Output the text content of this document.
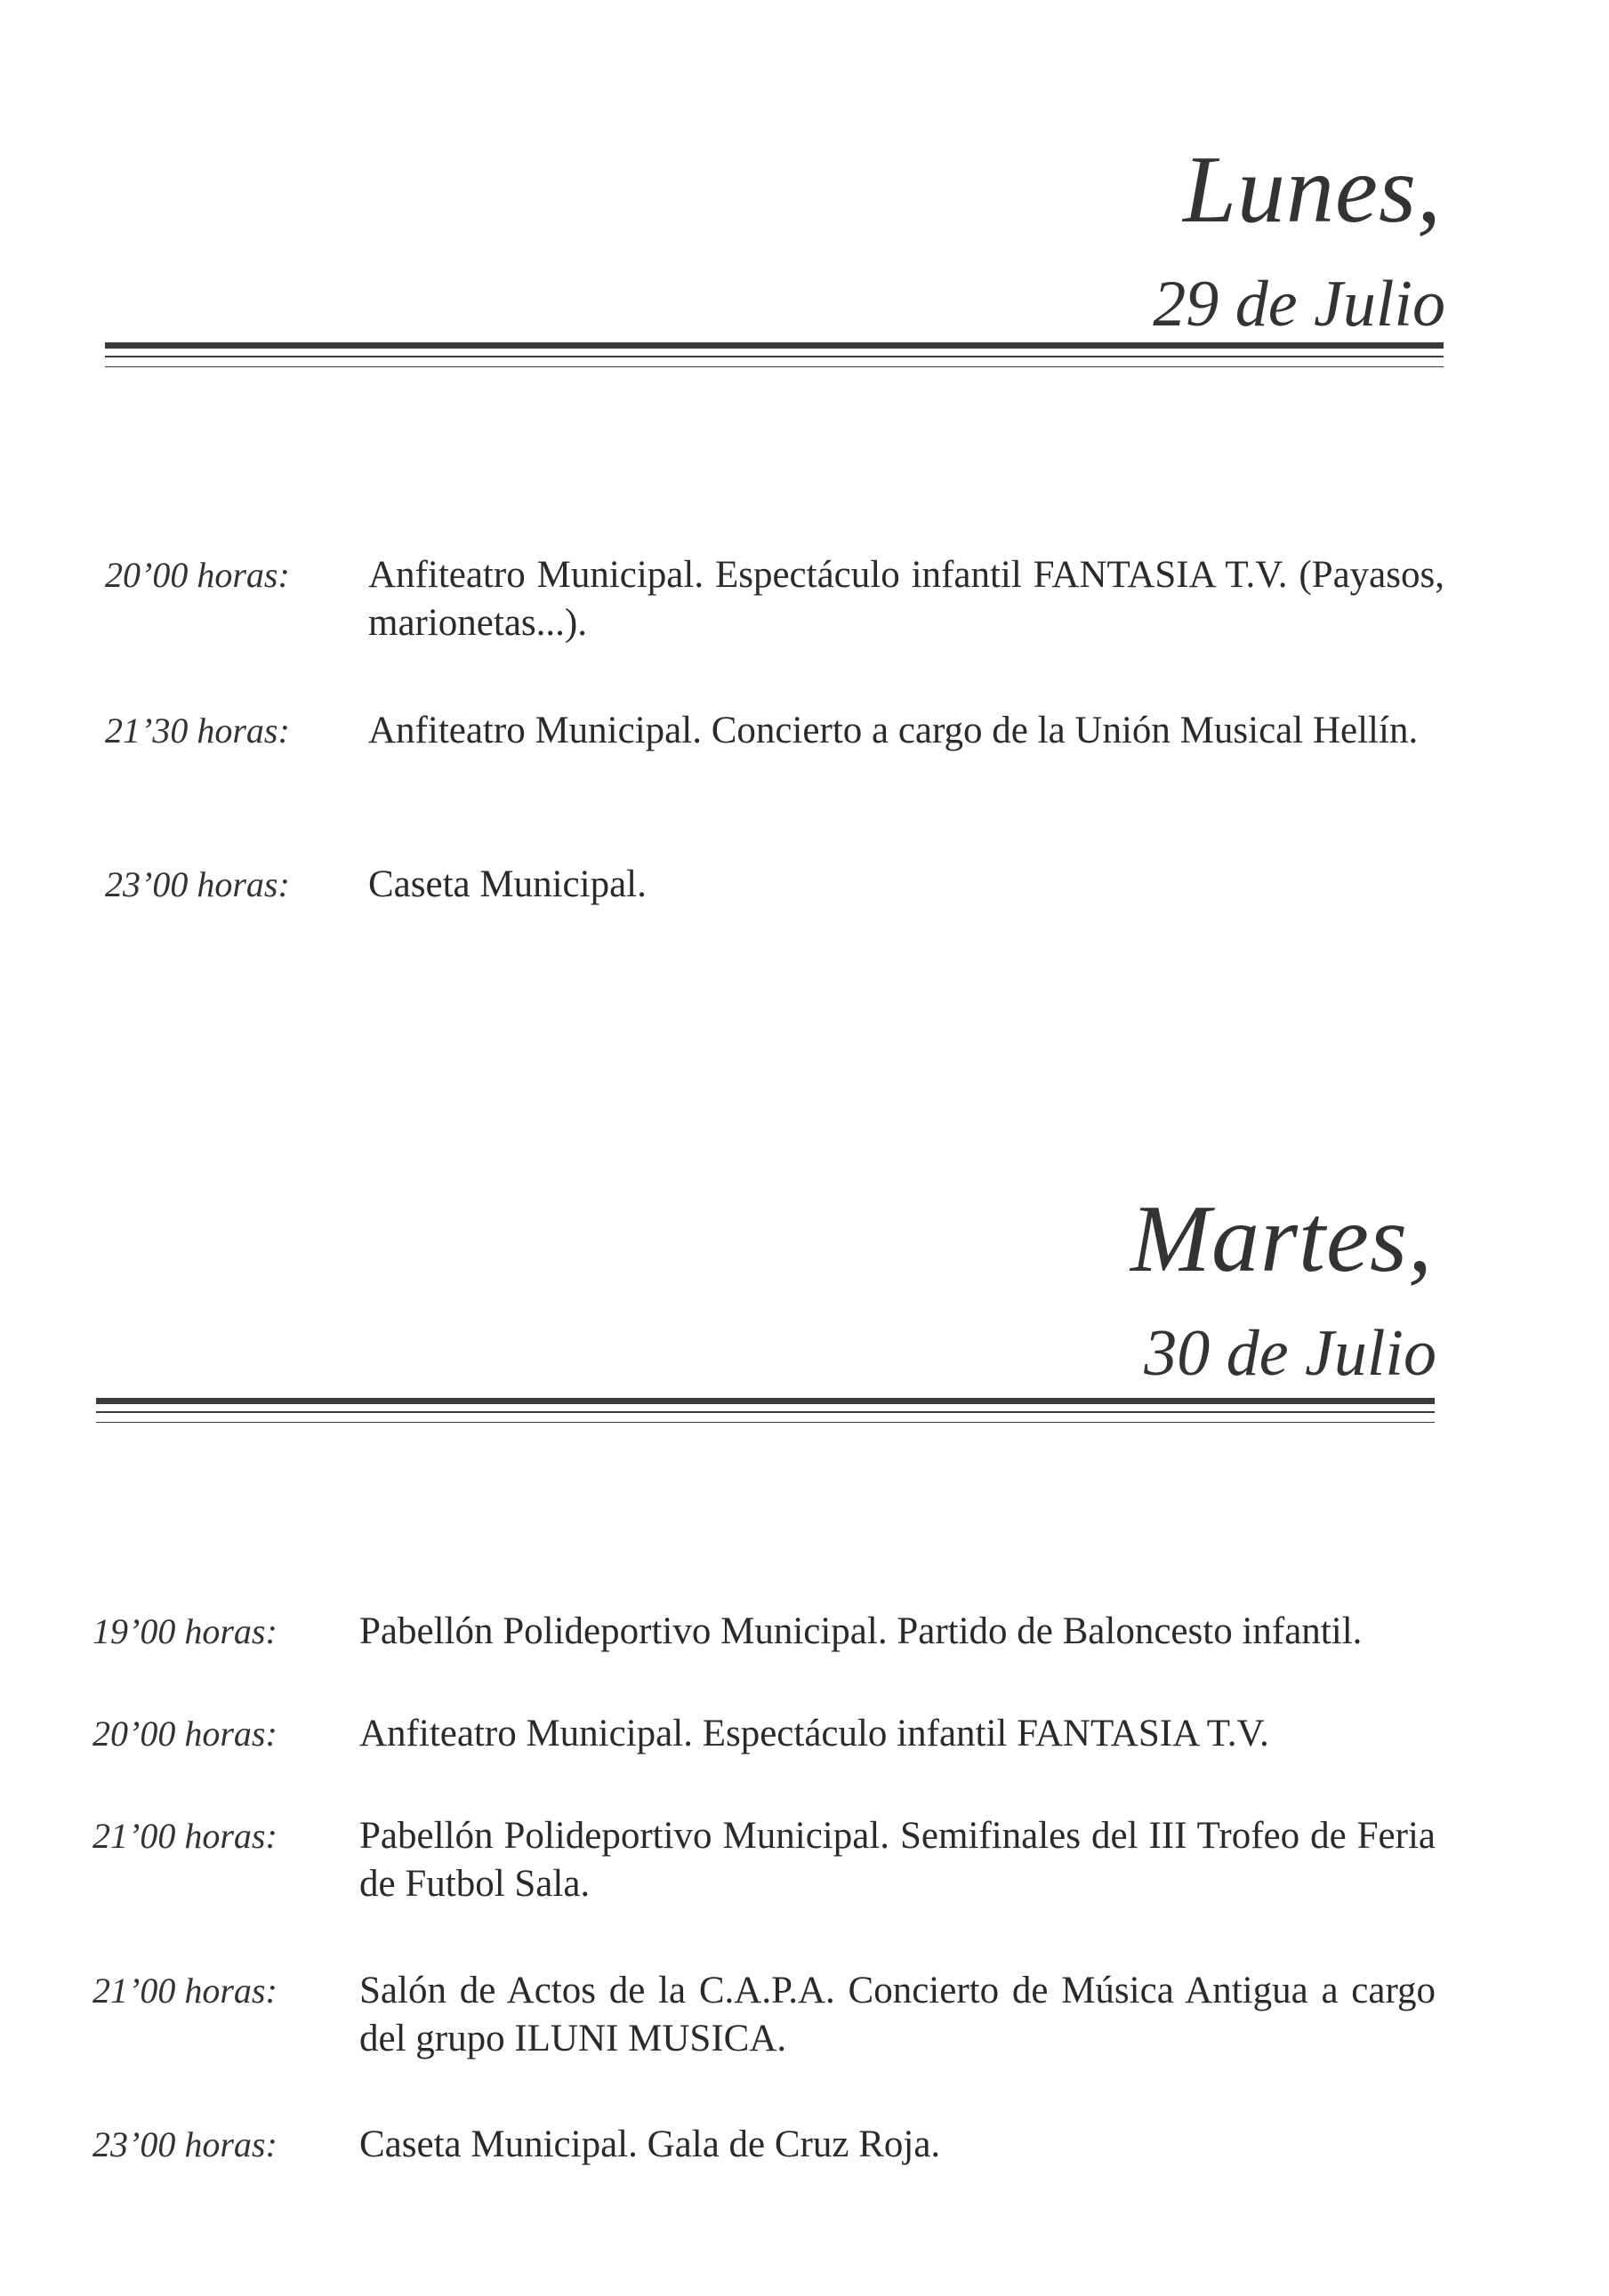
Lunes,
29 de Julio
20’00 horas:	Anfiteatro Municipal. Espectáculo infantil FANTASIA T.V. (Payasos, marionetas...).
21’30 horas:	Anfiteatro Municipal. Concierto a cargo de la Unión Musical Hellín.
23’00 horas:	Caseta Municipal.
Martes,
30 de Julio
19’00 horas:	Pabellón Polideportivo Municipal. Partido de Baloncesto infantil.
20’00 horas:	Anfiteatro Municipal. Espectáculo infantil FANTASIA T.V.
21’00 horas:	Pabellón Polideportivo Municipal. Semifinales del III Trofeo de Feria de Futbol Sala.
21’00 horas:	Salón de Actos de la C.A.P.A. Concierto de Música Antigua a cargo del grupo ILUNI MUSICA.
23’00 horas:	Caseta Municipal. Gala de Cruz Roja.
